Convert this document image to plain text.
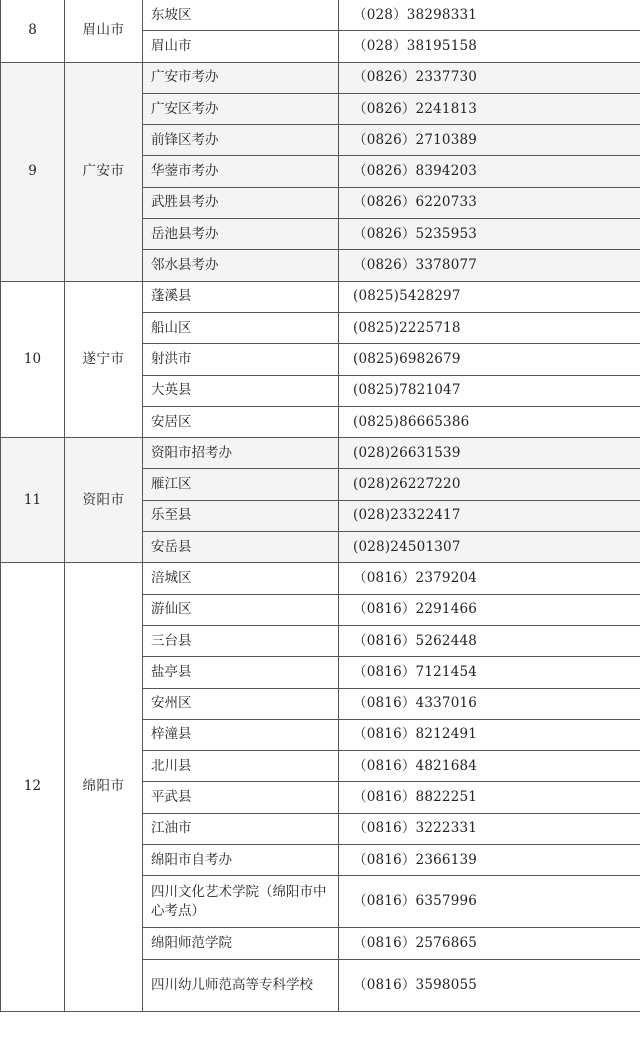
8	眉山市	东坡区	（028）38298331
		眉山市	（028）38195158
9	广安市	广安市考办	（0826）2337730
		广安区考办	（0826）2241813
		前锋区考办	（0826）2710389
		华蓥市考办	（0826）8394203
		武胜县考办	（0826）6220733
		岳池县考办	（0826）5235953
		邻水县考办	（0826）3378077
10	遂宁市	蓬溪县	(0825)5428297
		船山区	(0825)2225718
		射洪市	(0825)6982679
		大英县	(0825)7821047
		安居区	(0825)86665386
11	资阳市	资阳市招考办	(028)26631539
		雁江区	(028)26227220
		乐至县	(028)23322417
		安岳县	(028)24501307
12	绵阳市	涪城区	（0816）2379204
		游仙区	（0816）2291466
		三台县	（0816）5262448
		盐亭县	（0816）7121454
		安州区	（0816）4337016
		梓潼县	（0816）8212491
		北川县	（0816）4821684
		平武县	（0816）8822251
		江油市	（0816）3222331
		绵阳市自考办	（0816）2366139
		四川文化艺术学院（绵阳市中心考点）	（0816）6357996
		绵阳师范学院	（0816）2576865
		四川幼儿师范高等专科学校	（0816）3598055
